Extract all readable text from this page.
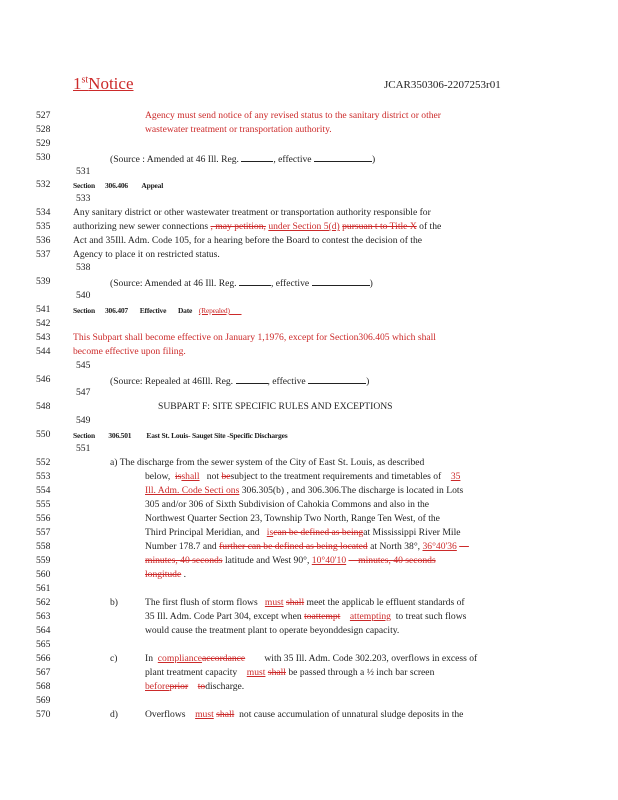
1stNotice	JCAR350306-2207253r01
527
528
529
530
531
532
533
534
535
536
537
538
539
540
541
542
543
544
545
546
547
548
549
550
551
552
553
554
555
556
557
558
559
560
561
562
563
564
565
566
567
568
569
570
Agency must send notice of any revised status to the sanitary district or other
wastewater treatment or transportation authority.
(Source : Amended at 46 Ill. Reg.	, effective	)
Section 306.406 Appeal
Any sanitary district or other wastewater treatment or transportation authority responsible for
authorizing new sewer connections , may petition, under Section 5(d) pursuan t to Title X of the
Act and 35Ill. Adm. Code 105, for a hearing before the Board to contest the decision of the
Agency to place it on restricted status.
(Source: Amended at 46 Ill. Reg.	, effective	)
Section 306.407 Effective Date (Repealed)
This Subpart shall become effective on January 1,1976, except for Section306.405 which shall
become effective upon filing.
(Source: Repealed at 46Ill. Reg.	, effective	)
SUBPART F: SITE SPECIFIC RULES AND EXCEPTIONS
Section 306.501 East St. Louis- Sauget Site -Specific Discharges
a) The discharge from the sewer system of the City of East St. Louis, as described
below, isshall not besubject to the treatment requirements and timetables of 35
Ill. Adm. Code Secti ons 306.305(b) , and 306.306.The discharge is located in Lots
305 and/or 306 of Sixth Subdivision of Cahokia Commons and also in the
Northwest Quarter Section 23, Township Two North, Range Ten West, of the
Third Principal Meridian, and iscan be defined as beingat Mississippi River Mile
Number 178.7 and further can be defined as being located at North 38°, 36°40'36 —
minutes, 40 seconds latitude and West 90°, 10°40'10 —minutes, 40 seconds
longitude .
b)	The first flush of storm flows must shall meet the applicab le effluent standards of
35 Ill. Adm. Code Part 304, except when toattempt attempting to treat such flows
would cause the treatment plant to operate beyonddesign capacity.
c)	In complianceaccordance with 35 Ill. Adm. Code 302.203, overflows in excess of
plant treatment capacity must shall be passed through a ½ inch bar screen
beforeprior todischarge.
d)	Overflows must shall not cause accumulation of unnatural sludge deposits in the
